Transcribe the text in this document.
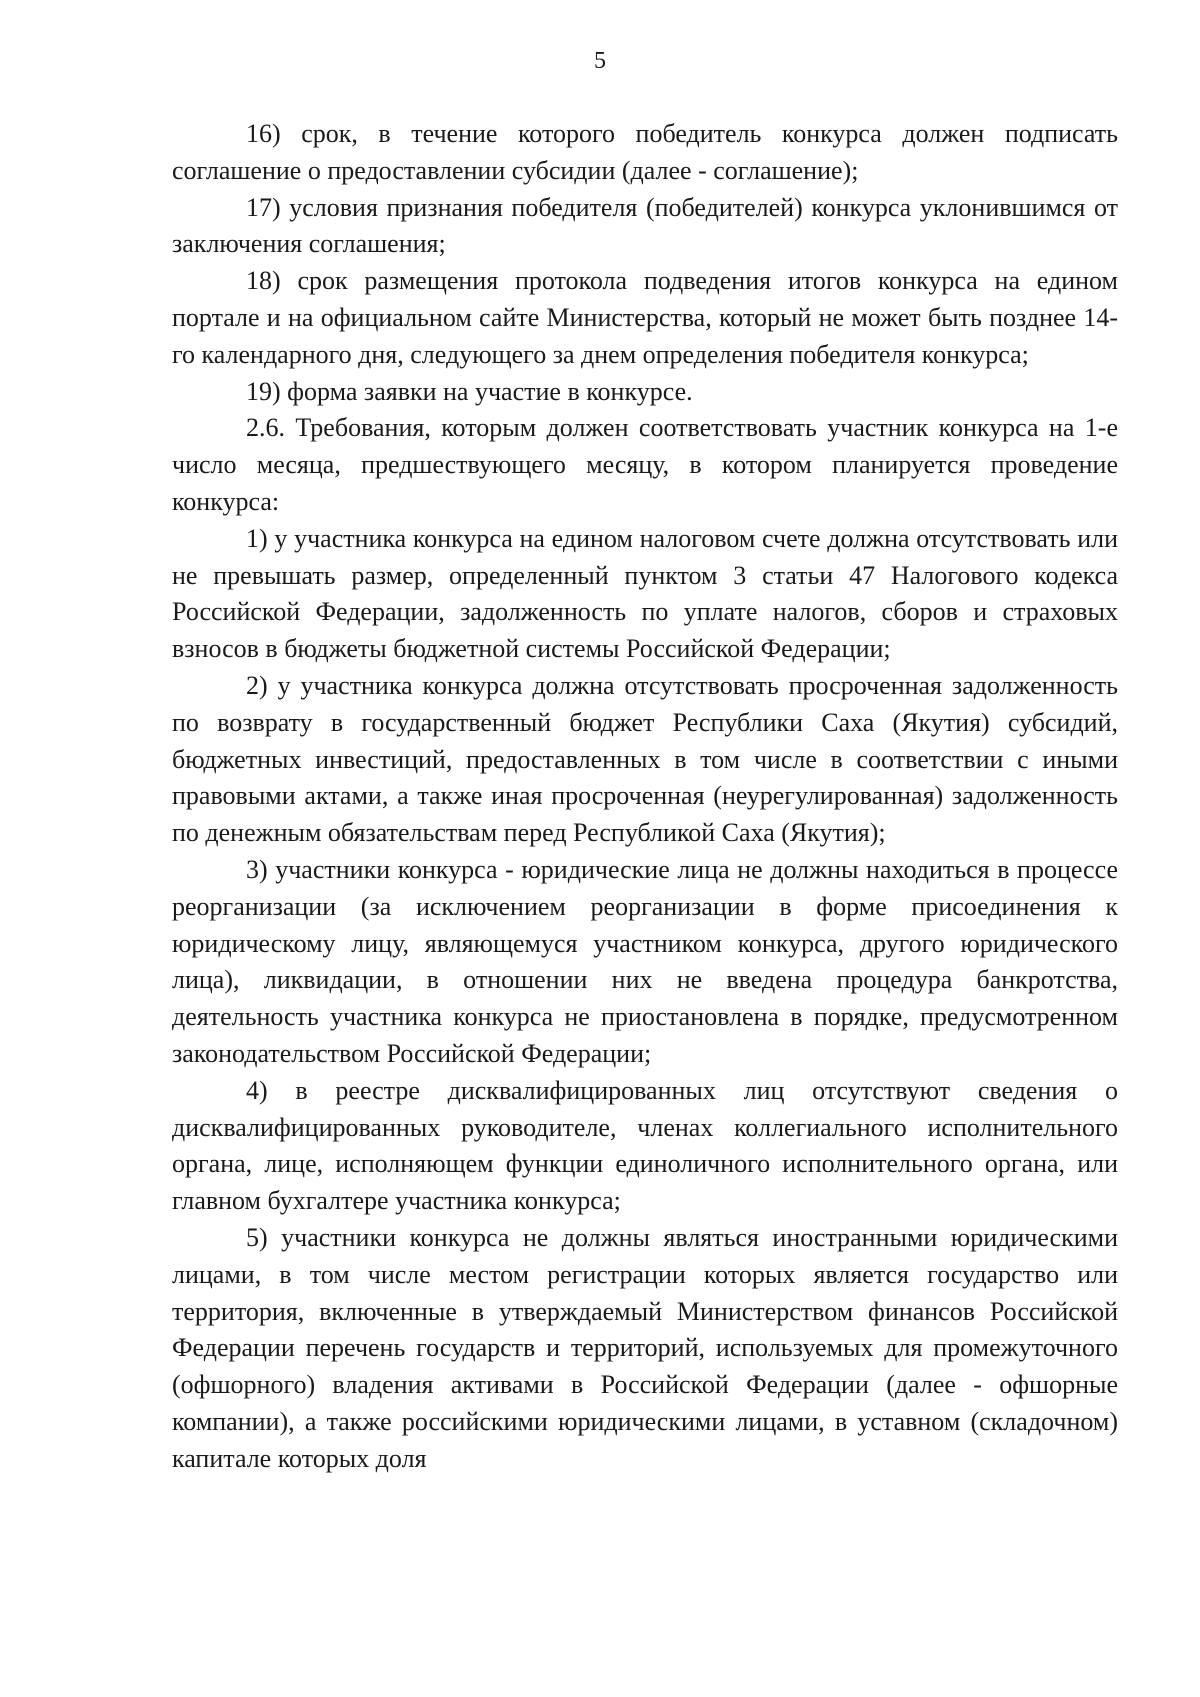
5

16) срок, в течение которого победитель конкурса должен подписать соглашение о предоставлении субсидии (далее - соглашение);

17) условия признания победителя (победителей) конкурса уклонившимся от заключения соглашения;

18) срок размещения протокола подведения итогов конкурса на едином портале и на официальном сайте Министерства, который не может быть позднее 14-го календарного дня, следующего за днем определения победителя конкурса;

19) форма заявки на участие в конкурсе.

2.6. Требования, которым должен соответствовать участник конкурса на 1-е число месяца, предшествующего месяцу, в котором планируется проведение конкурса:

1) у участника конкурса на едином налоговом счете должна отсутствовать или не превышать размер, определенный пунктом 3 статьи 47 Налогового кодекса Российской Федерации, задолженность по уплате налогов, сборов и страховых взносов в бюджеты бюджетной системы Российской Федерации;

2) у участника конкурса должна отсутствовать просроченная задолженность по возврату в государственный бюджет Республики Саха (Якутия) субсидий, бюджетных инвестиций, предоставленных в том числе в соответствии с иными правовыми актами, а также иная просроченная (неурегулированная) задолженность по денежным обязательствам перед Республикой Саха (Якутия);

3) участники конкурса - юридические лица не должны находиться в процессе реорганизации (за исключением реорганизации в форме присоединения к юридическому лицу, являющемуся участником конкурса, другого юридического лица), ликвидации, в отношении них не введена процедура банкротства, деятельность участника конкурса не приостановлена в порядке, предусмотренном законодательством Российской Федерации;

4) в реестре дисквалифицированных лиц отсутствуют сведения о дисквалифицированных руководителе, членах коллегиального исполнительного органа, лице, исполняющем функции единоличного исполнительного органа, или главном бухгалтере участника конкурса;

5) участники конкурса не должны являться иностранными юридическими лицами, в том числе местом регистрации которых является государство или территория, включенные в утверждаемый Министерством финансов Российской Федерации перечень государств и территорий, используемых для промежуточного (офшорного) владения активами в Российской Федерации (далее - офшорные компании), а также российскими юридическими лицами, в уставном (складочном) капитале которых доля
